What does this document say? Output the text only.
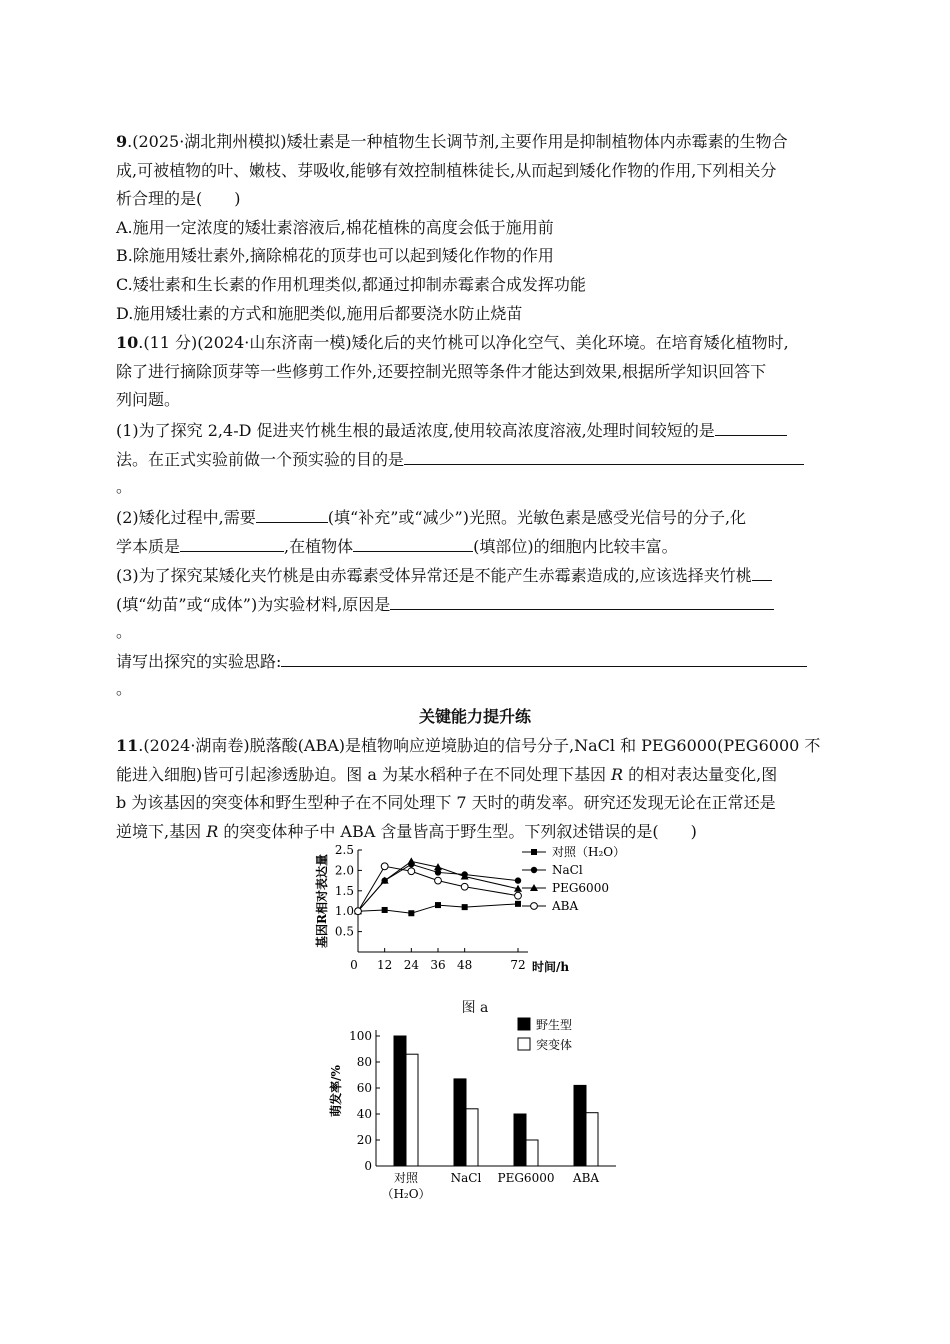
9.(2025·湖北荆州模拟)矮壮素是一种植物生长调节剂,主要作用是抑制植物体内赤霉素的生物合
成,可被植物的叶、嫩枝、芽吸收,能够有效控制植株徒长,从而起到矮化作物的作用,下列相关分
析合理的是(　　)
A.施用一定浓度的矮壮素溶液后,棉花植株的高度会低于施用前
B.除施用矮壮素外,摘除棉花的顶芽也可以起到矮化作物的作用
C.矮壮素和生长素的作用机理类似,都通过抑制赤霉素合成发挥功能
D.施用矮壮素的方式和施肥类似,施用后都要浇水防止烧苗
10.(11 分)(2024·山东济南一模)矮化后的夹竹桃可以净化空气、美化环境。在培育矮化植物时,
除了进行摘除顶芽等一些修剪工作外,还要控制光照等条件才能达到效果,根据所学知识回答下
列问题。
(1)为了探究 2,4-D 促进夹竹桃生根的最适浓度,使用较高浓度溶液,处理时间较短的是
法。在正式实验前做一个预实验的目的是
。
(2)矮化过程中,需要	(填“补充”或“减少”)光照。光敏色素是感受光信号的分子,化
学本质是	,在植物体	(填部位)的细胞内比较丰富。
(3)为了探究某矮化夹竹桃是由赤霉素受体异常还是不能产生赤霉素造成的,应该选择夹竹桃
(填“幼苗”或“成体”)为实验材料,原因是
。
请写出探究的实验思路:
。
关键能力提升练
11.(2024·湖南卷)脱落酸(ABA)是植物响应逆境胁迫的信号分子,NaCl 和 PEG6000(PEG6000 不
能进入细胞)皆可引起渗透胁迫。图 a 为某水稻种子在不同处理下基因 R 的相对表达量变化,图
b 为该基因的突变体和野生型种子在不同处理下 7 天时的萌发率。研究还发现无论在正常还是
逆境下,基因 R 的突变体种子中 ABA 含量皆高于野生型。下列叙述错误的是(　　)
0.5
1.0
1.5
2.0
2.5
0 12 24 36 48	72 时间/h
基因R相对表达量
对照（H₂O）
NaCl
PEG6000
ABA
图 a
0
20
40
60
80
100
萌发率/%
对照
（H₂O）
NaCl PEG6000 ABA
野生型
突变体
